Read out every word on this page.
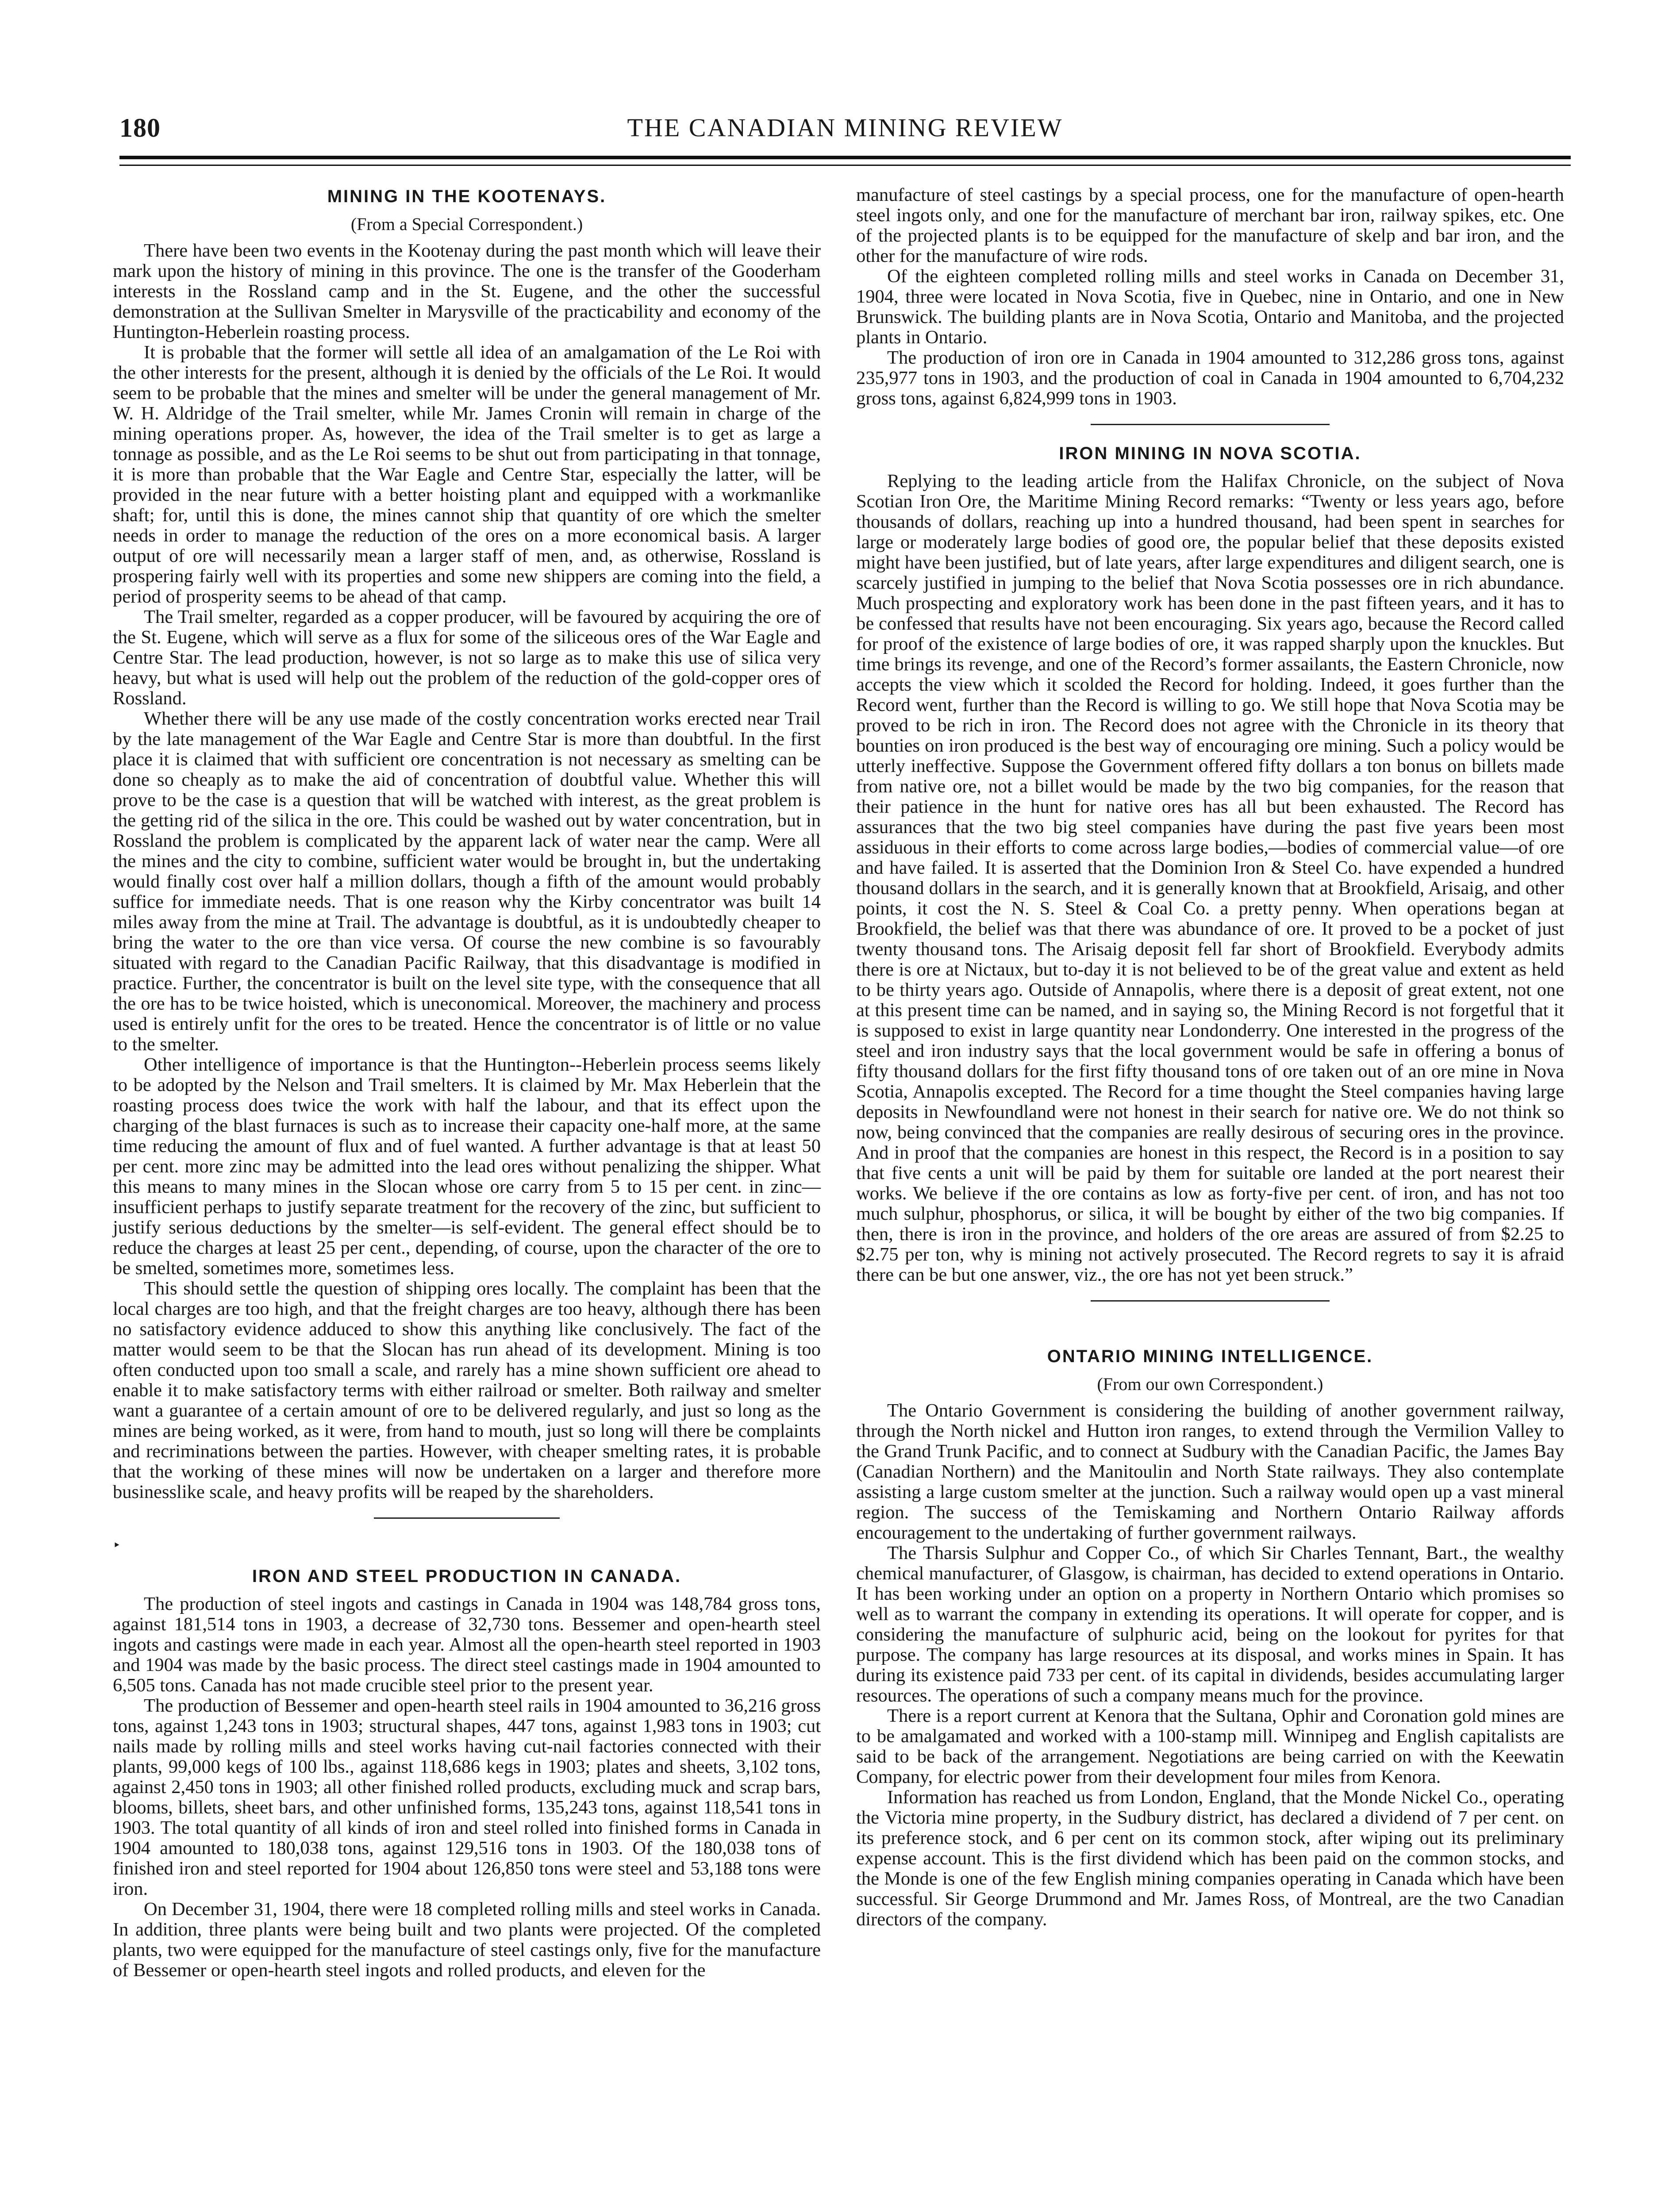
180	THE CANADIAN MINING REVIEW
MINING IN THE KOOTENAYS.

(From a Special Correspondent.)

There have been two events in the Kootenay during the past month which will leave their mark upon the history of mining in this province. The one is the transfer of the Gooderham interests in the Rossland camp and in the St. Eugene, and the other the successful demonstration at the Sullivan Smelter in Marysville of the practicability and economy of the Huntington-Heberlein roasting process.

It is probable that the former will settle all idea of an amalgamation of the Le Roi with the other interests for the present, although it is denied by the officials of the Le Roi. It would seem to be probable that the mines and smelter will be under the general management of Mr. W. H. Aldridge of the Trail smelter, while Mr. James Cronin will remain in charge of the mining operations proper. As, however, the idea of the Trail smelter is to get as large a tonnage as possible, and as the Le Roi seems to be shut out from participating in that tonnage, it is more than probable that the War Eagle and Centre Star, especially the latter, will be provided in the near future with a better hoisting plant and equipped with a workmanlike shaft; for, until this is done, the mines cannot ship that quantity of ore which the smelter needs in order to manage the reduction of the ores on a more economical basis. A larger output of ore will necessarily mean a larger staff of men, and, as otherwise, Rossland is prospering fairly well with its properties and some new shippers are coming into the field, a period of prosperity seems to be ahead of that camp.

The Trail smelter, regarded as a copper producer, will be favoured by acquiring the ore of the St. Eugene, which will serve as a flux for some of the siliceous ores of the War Eagle and Centre Star. The lead production, however, is not so large as to make this use of silica very heavy, but what is used will help out the problem of the reduction of the gold-copper ores of Rossland.

Whether there will be any use made of the costly concentration works erected near Trail by the late management of the War Eagle and Centre Star is more than doubtful. In the first place it is claimed that with sufficient ore concentration is not necessary as smelting can be done so cheaply as to make the aid of concentration of doubtful value. Whether this will prove to be the case is a question that will be watched with interest, as the great problem is the getting rid of the silica in the ore. This could be washed out by water concentration, but in Rossland the problem is complicated by the apparent lack of water near the camp. Were all the mines and the city to combine, sufficient water would be brought in, but the undertaking would finally cost over half a million dollars, though a fifth of the amount would probably suffice for immediate needs. That is one reason why the Kirby concentrator was built 14 miles away from the mine at Trail. The advantage is doubtful, as it is undoubtedly cheaper to bring the water to the ore than vice versa. Of course the new combine is so favourably situated with regard to the Canadian Pacific Railway, that this disadvantage is modified in practice. Further, the concentrator is built on the level site type, with the consequence that all the ore has to be twice hoisted, which is uneconomical. Moreover, the machinery and process used is entirely unfit for the ores to be treated. Hence the concentrator is of little or no value to the smelter.

Other intelligence of importance is that the Huntington--Heberlein process seems likely to be adopted by the Nelson and Trail smelters. It is claimed by Mr. Max Heberlein that the roasting process does twice the work with half the labour, and that its effect upon the charging of the blast furnaces is such as to increase their capacity one-half more, at the same time reducing the amount of flux and of fuel wanted. A further advantage is that at least 50 per cent. more zinc may be admitted into the lead ores without penalizing the shipper. What this means to many mines in the Slocan whose ore carry from 5 to 15 per cent. in zinc—insufficient perhaps to justify separate treatment for the recovery of the zinc, but sufficient to justify serious deductions by the smelter—is self-evident. The general effect should be to reduce the charges at least 25 per cent., depending, of course, upon the character of the ore to be smelted, sometimes more, sometimes less.

This should settle the question of shipping ores locally. The complaint has been that the local charges are too high, and that the freight charges are too heavy, although there has been no satisfactory evidence adduced to show this anything like conclusively. The fact of the matter would seem to be that the Slocan has run ahead of its development. Mining is too often conducted upon too small a scale, and rarely has a mine shown sufficient ore ahead to enable it to make satisfactory terms with either railroad or smelter. Both railway and smelter want a guarantee of a certain amount of ore to be delivered regularly, and just so long as the mines are being worked, as it were, from hand to mouth, just so long will there be complaints and recriminations between the parties. However, with cheaper smelting rates, it is probable that the working of these mines will now be undertaken on a larger and therefore more businesslike scale, and heavy profits will be reaped by the shareholders.

‣
IRON AND STEEL PRODUCTION IN CANADA.

The production of steel ingots and castings in Canada in 1904 was 148,784 gross tons, against 181,514 tons in 1903, a decrease of 32,730 tons. Bessemer and open-hearth steel ingots and castings were made in each year. Almost all the open-hearth steel reported in 1903 and 1904 was made by the basic process. The direct steel castings made in 1904 amounted to 6,505 tons. Canada has not made crucible steel prior to the present year.

The production of Bessemer and open-hearth steel rails in 1904 amounted to 36,216 gross tons, against 1,243 tons in 1903; structural shapes, 447 tons, against 1,983 tons in 1903; cut nails made by rolling mills and steel works having cut-nail factories connected with their plants, 99,000 kegs of 100 lbs., against 118,686 kegs in 1903; plates and sheets, 3,102 tons, against 2,450 tons in 1903; all other finished rolled products, excluding muck and scrap bars, blooms, billets, sheet bars, and other unfinished forms, 135,243 tons, against 118,541 tons in 1903. The total quantity of all kinds of iron and steel rolled into finished forms in Canada in 1904 amounted to 180,038 tons, against 129,516 tons in 1903. Of the 180,038 tons of finished iron and steel reported for 1904 about 126,850 tons were steel and 53,188 tons were iron.

On December 31, 1904, there were 18 completed rolling mills and steel works in Canada. In addition, three plants were being built and two plants were projected. Of the completed plants, two were equipped for the manufacture of steel castings only, five for the manufacture of Bessemer or open-hearth steel ingots and rolled products, and eleven for the

manufacture of steel castings by a special process, one for the manufacture of open-hearth steel ingots only, and one for the manufacture of merchant bar iron, railway spikes, etc. One of the projected plants is to be equipped for the manufacture of skelp and bar iron, and the other for the manufacture of wire rods.

Of the eighteen completed rolling mills and steel works in Canada on December 31, 1904, three were located in Nova Scotia, five in Quebec, nine in Ontario, and one in New Brunswick. The building plants are in Nova Scotia, Ontario and Manitoba, and the projected plants in Ontario.

The production of iron ore in Canada in 1904 amounted to 312,286 gross tons, against 235,977 tons in 1903, and the production of coal in Canada in 1904 amounted to 6,704,232 gross tons, against 6,824,999 tons in 1903.

IRON MINING IN NOVA SCOTIA.

Replying to the leading article from the Halifax Chronicle, on the subject of Nova Scotian Iron Ore, the Maritime Mining Record remarks: “Twenty or less years ago, before thousands of dollars, reaching up into a hundred thousand, had been spent in searches for large or moderately large bodies of good ore, the popular belief that these deposits existed might have been justified, but of late years, after large expenditures and diligent search, one is scarcely justified in jumping to the belief that Nova Scotia possesses ore in rich abundance. Much prospecting and exploratory work has been done in the past fifteen years, and it has to be confessed that results have not been encouraging. Six years ago, because the Record called for proof of the existence of large bodies of ore, it was rapped sharply upon the knuckles. But time brings its revenge, and one of the Record’s former assailants, the Eastern Chronicle, now accepts the view which it scolded the Record for holding. Indeed, it goes further than the Record went, further than the Record is willing to go. We still hope that Nova Scotia may be proved to be rich in iron. The Record does not agree with the Chronicle in its theory that bounties on iron produced is the best way of encouraging ore mining. Such a policy would be utterly ineffective. Suppose the Government offered fifty dollars a ton bonus on billets made from native ore, not a billet would be made by the two big companies, for the reason that their patience in the hunt for native ores has all but been exhausted. The Record has assurances that the two big steel companies have during the past five years been most assiduous in their efforts to come across large bodies,—bodies of commercial value—of ore and have failed. It is asserted that the Dominion Iron & Steel Co. have expended a hundred thousand dollars in the search, and it is generally known that at Brookfield, Arisaig, and other points, it cost the N. S. Steel & Coal Co. a pretty penny. When operations began at Brookfield, the belief was that there was abundance of ore. It proved to be a pocket of just twenty thousand tons. The Arisaig deposit fell far short of Brookfield. Everybody admits there is ore at Nictaux, but to-day it is not believed to be of the great value and extent as held to be thirty years ago. Outside of Annapolis, where there is a deposit of great extent, not one at this present time can be named, and in saying so, the Mining Record is not forgetful that it is supposed to exist in large quantity near Londonderry. One interested in the progress of the steel and iron industry says that the local government would be safe in offering a bonus of fifty thousand dollars for the first fifty thousand tons of ore taken out of an ore mine in Nova Scotia, Annapolis excepted. The Record for a time thought the Steel companies having large deposits in Newfoundland were not honest in their search for native ore. We do not think so now, being convinced that the companies are really desirous of securing ores in the province. And in proof that the companies are honest in this respect, the Record is in a position to say that five cents a unit will be paid by them for suitable ore landed at the port nearest their works. We believe if the ore contains as low as forty-five per cent. of iron, and has not too much sulphur, phosphorus, or silica, it will be bought by either of the two big companies. If then, there is iron in the province, and holders of the ore areas are assured of from $2.25 to $2.75 per ton, why is mining not actively prosecuted. The Record regrets to say it is afraid there can be but one answer, viz., the ore has not yet been struck.”

ONTARIO MINING INTELLIGENCE.

(From our own Correspondent.)

The Ontario Government is considering the building of another government railway, through the North nickel and Hutton iron ranges, to extend through the Vermilion Valley to the Grand Trunk Pacific, and to connect at Sudbury with the Canadian Pacific, the James Bay (Canadian Northern) and the Manitoulin and North State railways. They also contemplate assisting a large custom smelter at the junction. Such a railway would open up a vast mineral region. The success of the Temiskaming and Northern Ontario Railway affords encouragement to the undertaking of further government railways.

The Tharsis Sulphur and Copper Co., of which Sir Charles Tennant, Bart., the wealthy chemical manufacturer, of Glasgow, is chairman, has decided to extend operations in Ontario. It has been working under an option on a property in Northern Ontario which promises so well as to warrant the company in extending its operations. It will operate for copper, and is considering the manufacture of sulphuric acid, being on the lookout for pyrites for that purpose. The company has large resources at its disposal, and works mines in Spain. It has during its existence paid 733 per cent. of its capital in dividends, besides accumulating larger resources. The operations of such a company means much for the province.

There is a report current at Kenora that the Sultana, Ophir and Coronation gold mines are to be amalgamated and worked with a 100-stamp mill. Winnipeg and English capitalists are said to be back of the arrangement. Negotiations are being carried on with the Keewatin Company, for electric power from their development four miles from Kenora.

Information has reached us from London, England, that the Monde Nickel Co., operating the Victoria mine property, in the Sudbury district, has declared a dividend of 7 per cent. on its preference stock, and 6 per cent on its common stock, after wiping out its preliminary expense account. This is the first dividend which has been paid on the common stocks, and the Monde is one of the few English mining companies operating in Canada which have been successful. Sir George Drummond and Mr. James Ross, of Montreal, are the two Canadian directors of the company.
